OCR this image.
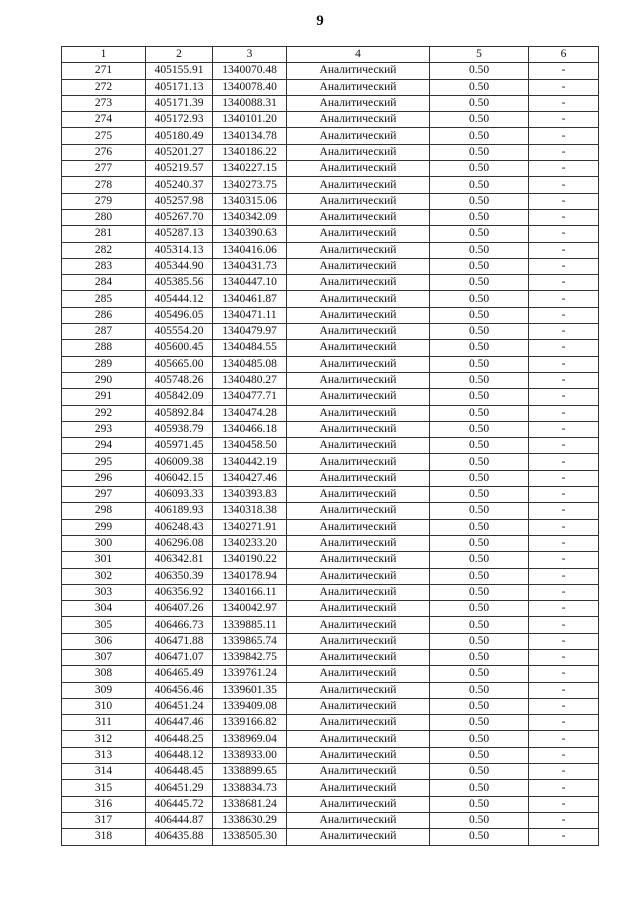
9
1	2	3	4	5	6
271	405155.91	1340070.48	Аналитический	0.50	-
272	405171.13	1340078.40	Аналитический	0.50	-
273	405171.39	1340088.31	Аналитический	0.50	-
274	405172.93	1340101.20	Аналитический	0.50	-
275	405180.49	1340134.78	Аналитический	0.50	-
276	405201.27	1340186.22	Аналитический	0.50	-
277	405219.57	1340227.15	Аналитический	0.50	-
278	405240.37	1340273.75	Аналитический	0.50	-
279	405257.98	1340315.06	Аналитический	0.50	-
280	405267.70	1340342.09	Аналитический	0.50	-
281	405287.13	1340390.63	Аналитический	0.50	-
282	405314.13	1340416.06	Аналитический	0.50	-
283	405344.90	1340431.73	Аналитический	0.50	-
284	405385.56	1340447.10	Аналитический	0.50	-
285	405444.12	1340461.87	Аналитический	0.50	-
286	405496.05	1340471.11	Аналитический	0.50	-
287	405554.20	1340479.97	Аналитический	0.50	-
288	405600.45	1340484.55	Аналитический	0.50	-
289	405665.00	1340485.08	Аналитический	0.50	-
290	405748.26	1340480.27	Аналитический	0.50	-
291	405842.09	1340477.71	Аналитический	0.50	-
292	405892.84	1340474.28	Аналитический	0.50	-
293	405938.79	1340466.18	Аналитический	0.50	-
294	405971.45	1340458.50	Аналитический	0.50	-
295	406009.38	1340442.19	Аналитический	0.50	-
296	406042.15	1340427.46	Аналитический	0.50	-
297	406093.33	1340393.83	Аналитический	0.50	-
298	406189.93	1340318.38	Аналитический	0.50	-
299	406248.43	1340271.91	Аналитический	0.50	-
300	406296.08	1340233.20	Аналитический	0.50	-
301	406342.81	1340190.22	Аналитический	0.50	-
302	406350.39	1340178.94	Аналитический	0.50	-
303	406356.92	1340166.11	Аналитический	0.50	-
304	406407.26	1340042.97	Аналитический	0.50	-
305	406466.73	1339885.11	Аналитический	0.50	-
306	406471.88	1339865.74	Аналитический	0.50	-
307	406471.07	1339842.75	Аналитический	0.50	-
308	406465.49	1339761.24	Аналитический	0.50	-
309	406456.46	1339601.35	Аналитический	0.50	-
310	406451.24	1339409.08	Аналитический	0.50	-
311	406447.46	1339166.82	Аналитический	0.50	-
312	406448.25	1338969.04	Аналитический	0.50	-
313	406448.12	1338933.00	Аналитический	0.50	-
314	406448.45	1338899.65	Аналитический	0.50	-
315	406451.29	1338834.73	Аналитический	0.50	-
316	406445.72	1338681.24	Аналитический	0.50	-
317	406444.87	1338630.29	Аналитический	0.50	-
318	406435.88	1338505.30	Аналитический	0.50	-
